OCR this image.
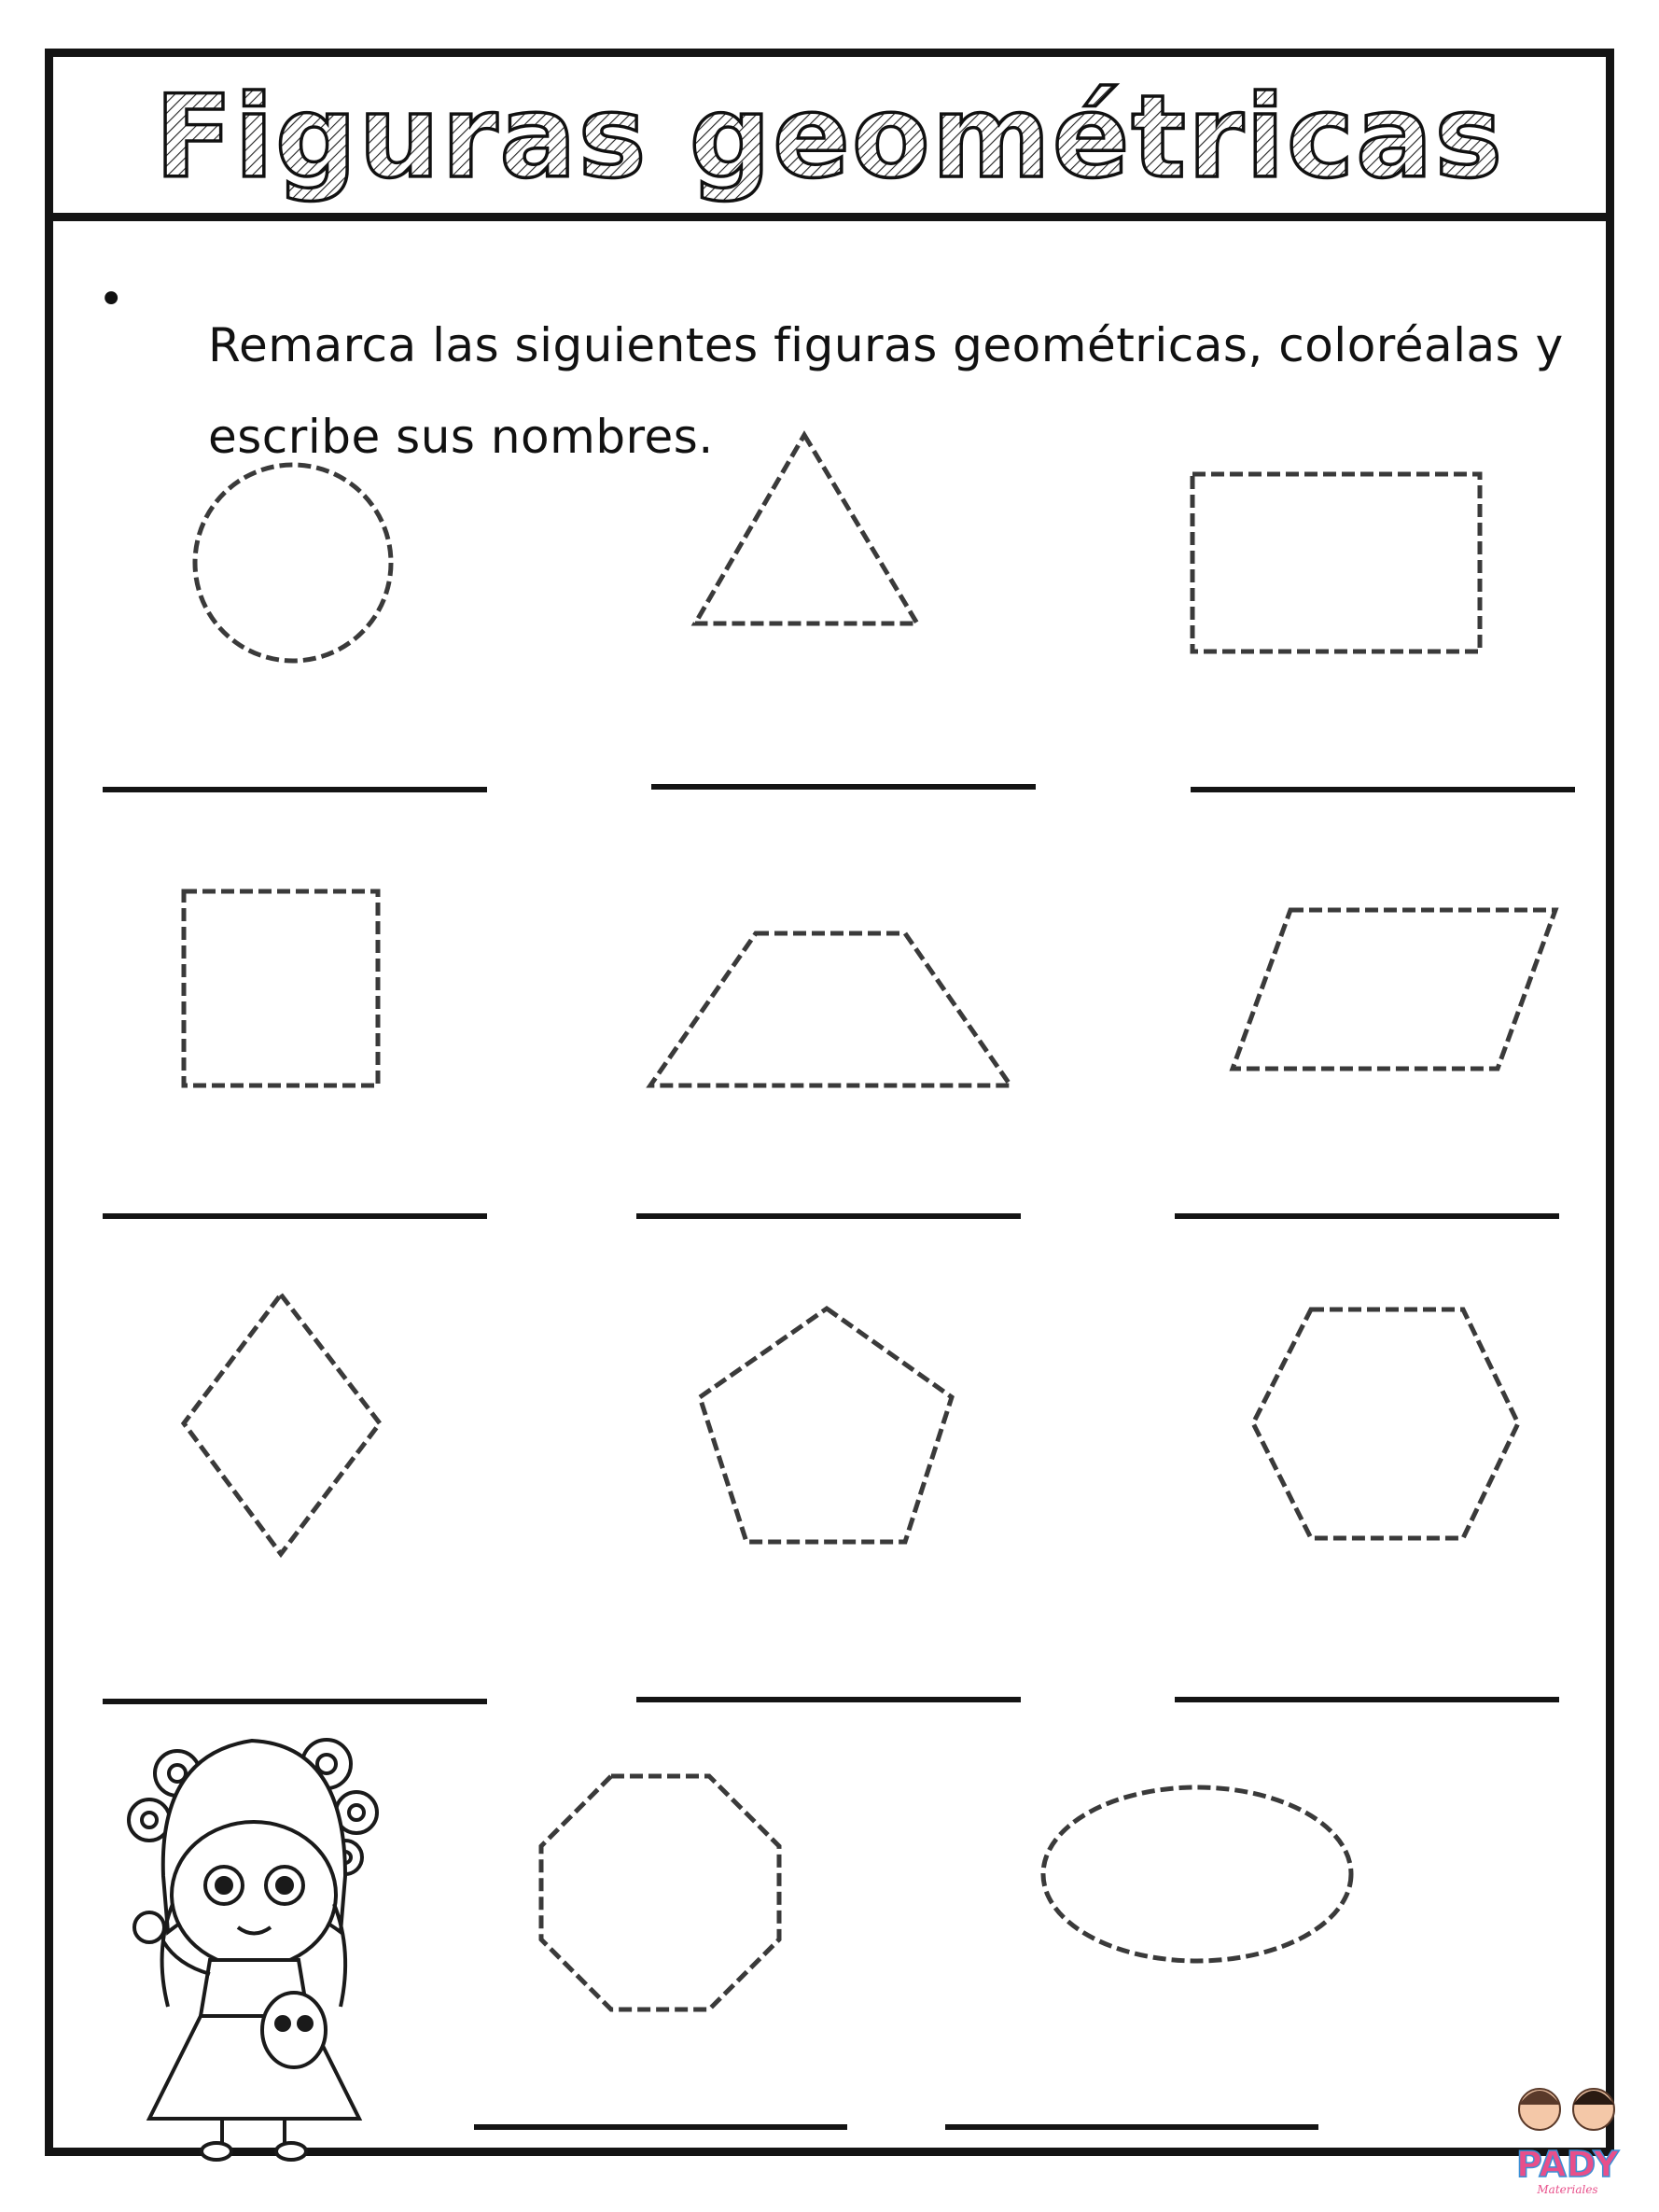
Figuras geométricas
•
Remarca las siguientes figuras geométricas, coloréalas y escribe sus nombres.
PADY
Materiales
